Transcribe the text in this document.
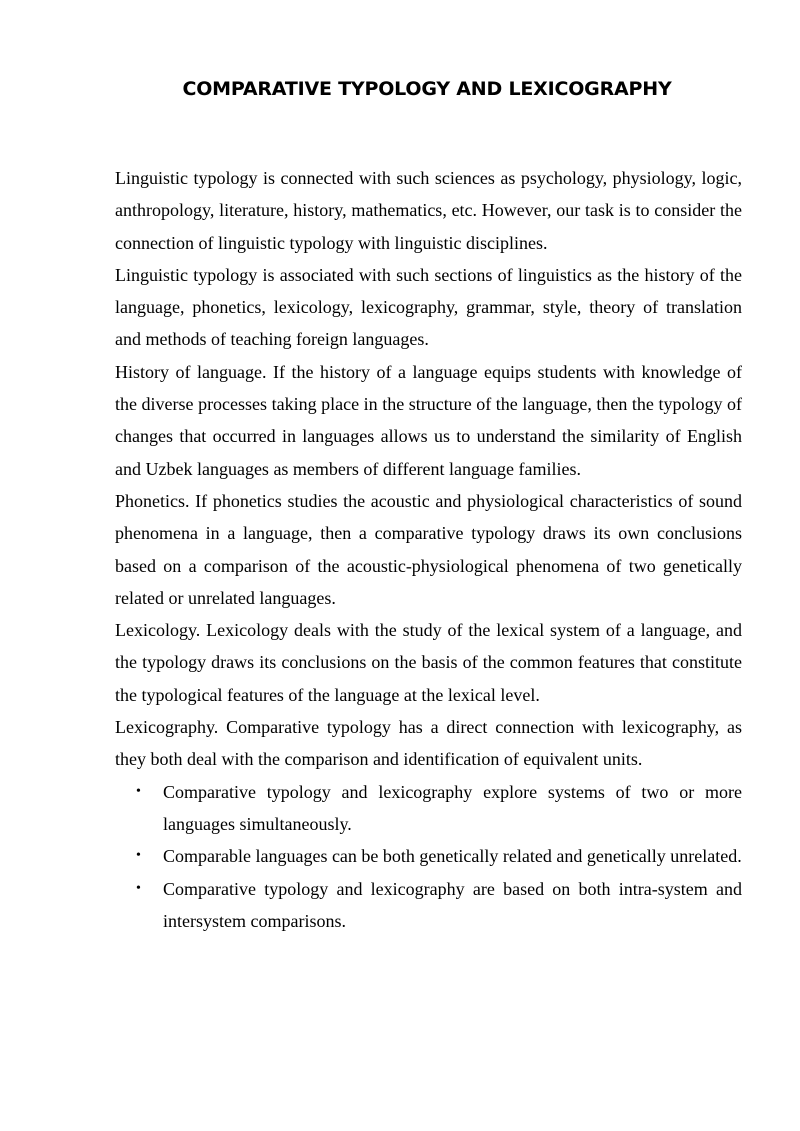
COMPARATIVE TYPOLOGY AND LEXICOGRAPHY

Linguistic typology is connected with such sciences as psychology, physiology, logic, anthropology, literature, history, mathematics, etc. However, our task is to consider the connection of linguistic typology with linguistic disciplines.

Linguistic typology is associated with such sections of linguistics as the history of the language, phonetics, lexicology, lexicography, grammar, style, theory of translation and methods of teaching foreign languages.

History of language. If the history of a language equips students with knowledge of the diverse processes taking place in the structure of the language, then the typology of changes that occurred in languages allows us to understand the similarity of English and Uzbek languages as members of different language families.

Phonetics. If phonetics studies the acoustic and physiological characteristics of sound phenomena in a language, then a comparative typology draws its own conclusions based on a comparison of the acoustic-physiological phenomena of two genetically related or unrelated languages.

Lexicology. Lexicology deals with the study of the lexical system of a language, and the typology draws its conclusions on the basis of the common features that constitute the typological features of the language at the lexical level.

Lexicography. Comparative typology has a direct connection with lexicography, as they both deal with the comparison and identification of equivalent units.

• Comparative typology and lexicography explore systems of two or more languages simultaneously.
• Comparable languages can be both genetically related and genetically unrelated.
• Comparative typology and lexicography are based on both intra-system and intersystem comparisons.
